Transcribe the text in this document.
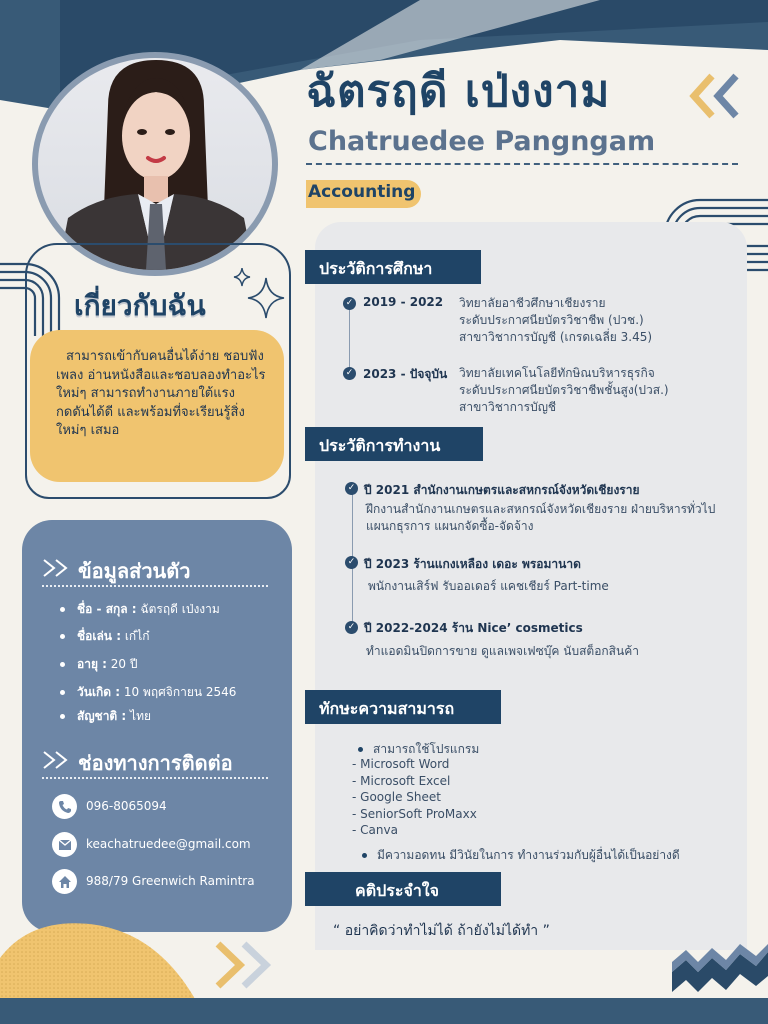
ฉัตรฤดี เป่งงาม
Chatruedee Pangngam
Accounting
เกี่ยวกับฉัน
สามารถเข้ากับคนอื่นได้ง่าย ชอบฟังเพลง อ่านหนังสือและชอบลองทำอะไรใหม่ๆ สามารถทำงานภายใต้แรงกดดันได้ดี และพร้อมที่จะเรียนรู้สิ่งใหม่ๆ เสมอ
ข้อมูลส่วนตัว
ชื่อ - สกุล : ฉัตรฤดี เป่งงาม
ชื่อเล่น : เก๋ไก๋
อายุ : 20 ปี
วันเกิด : 10 พฤศจิกายน 2546
สัญชาติ : ไทย
ช่องทางการติดต่อ
096-8065094
keachatruedee@gmail.com
988/79 Greenwich Ramintra
ประวัติการศึกษา
✓ 2019 - 2022 วิทยาลัยอาชีวศึกษาเชียงราย
ระดับประกาศนียบัตรวิชาชีพ (ปวช.)
สาขาวิชาการบัญชี (เกรดเฉลี่ย 3.45)
✓ 2023 - ปัจจุบัน วิทยาลัยเทคโนโลยีทักษิณบริหารธุรกิจ
ระดับประกาศนียบัตรวิชาชีพชั้นสูง(ปวส.)
สาขาวิชาการบัญชี
ประวัติการทำงาน
✓ ปี 2021 สำนักงานเกษตรและสหกรณ์จังหวัดเชียงราย
ฝึกงานสำนักงานเกษตรและสหกรณ์จังหวัดเชียงราย ฝ่ายบริหารทั่วไป แผนกธุรการ แผนกจัดซื้อ-จัดจ้าง
✓ ปี 2023 ร้านแกงเหลือง เดอะ พรอมานาด
พนักงานเสิร์ฟ รับออเดอร์ แคชเชียร์ Part-time
✓ ปี 2022-2024 ร้าน Nice’ cosmetics
ทำแอดมินปิดการขาย ดูแลเพจเฟซบุ๊ค นับสต็อกสินค้า
ทักษะความสามารถ
สามารถใช้โปรแกรม
- Microsoft Word
- Microsoft Excel
- Google Sheet
- SeniorSoft ProMaxx
- Canva
มีความอดทน มีวินัยในการ ทำงานร่วมกับผู้อื่นได้เป็นอย่างดี
คติประจำใจ
“ อย่าคิดว่าทำไม่ได้ ถ้ายังไม่ได้ทำ ”
